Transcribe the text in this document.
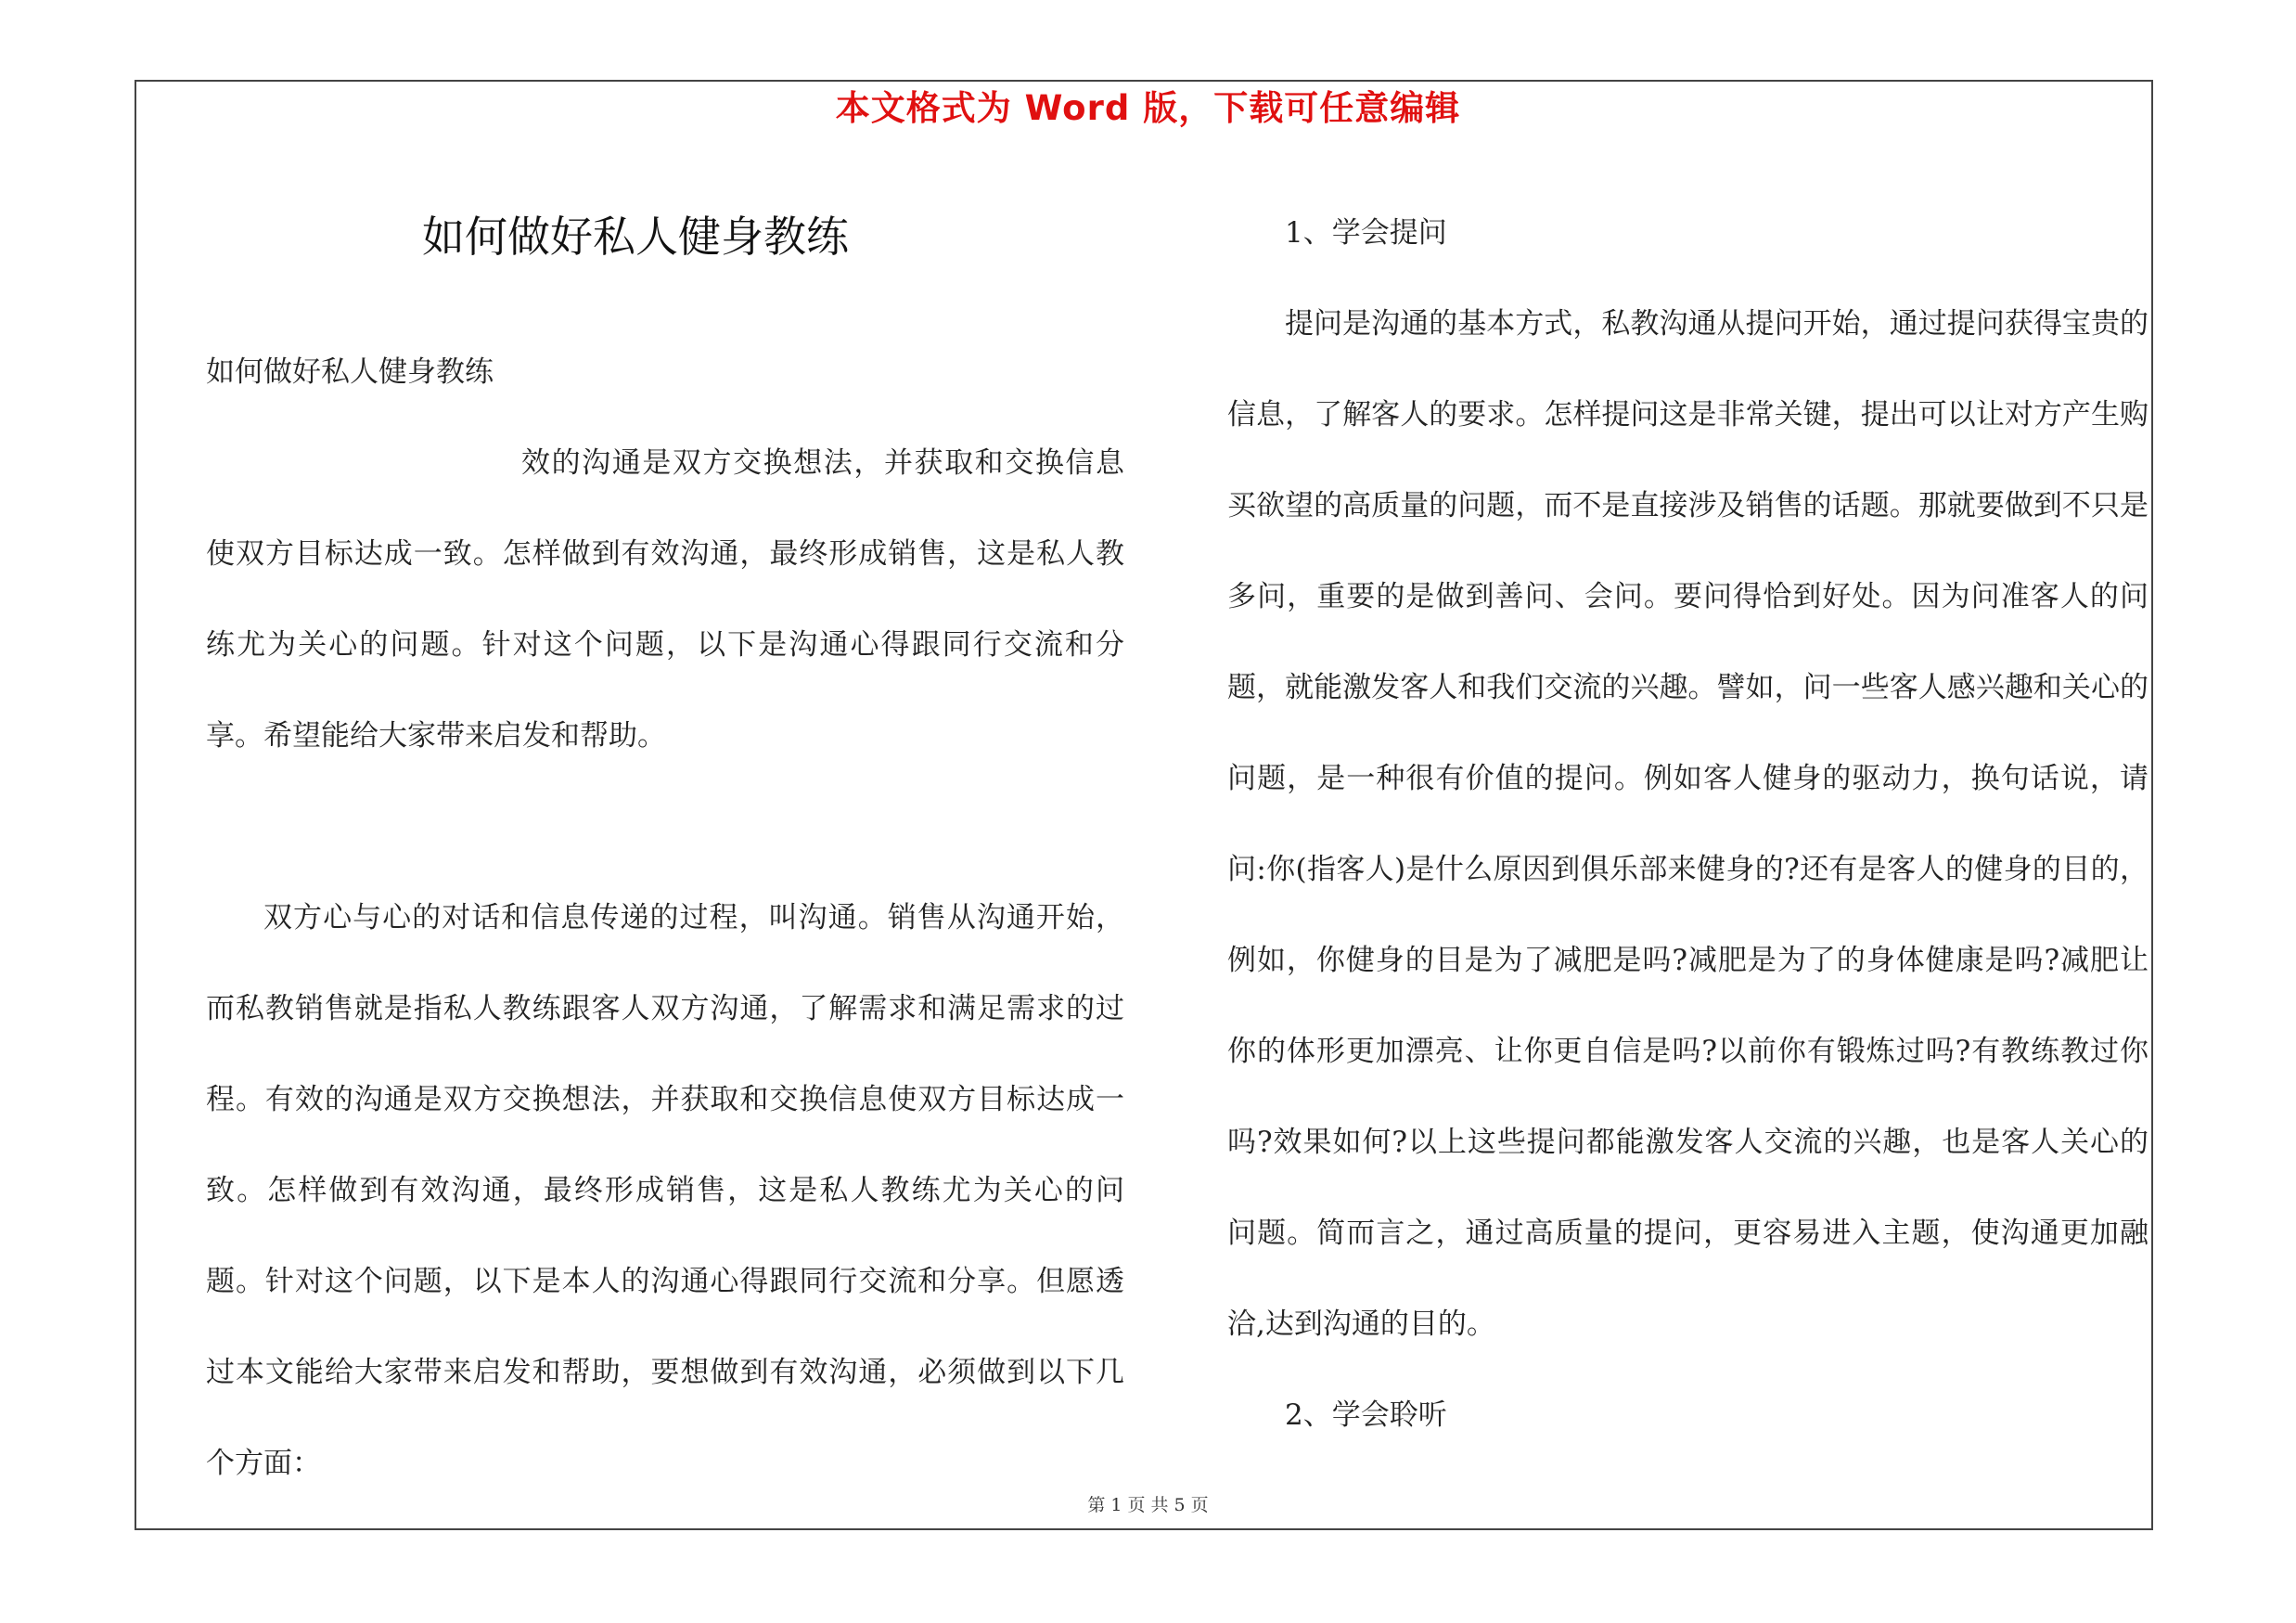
本文格式为 Word 版，下载可任意编辑
如何做好私人健身教练

如何做好私人健身教练

效的沟通是双方交换想法，并获取和交换信息使双方目标达成一致。怎样做到有效沟通，最终形成销售，这是私人教练尤为关心的问题。针对这个问题，以下是沟通心得跟同行交流和分享。希望能给大家带来启发和帮助。

双方心与心的对话和信息传递的过程，叫沟通。销售从沟通开始，而私教销售就是指私人教练跟客人双方沟通，了解需求和满足需求的过程。有效的沟通是双方交换想法，并获取和交换信息使双方目标达成一致。怎样做到有效沟通，最终形成销售，这是私人教练尤为关心的问题。针对这个问题，以下是本人的沟通心得跟同行交流和分享。但愿透过本文能给大家带来启发和帮助，要想做到有效沟通，必须做到以下几个方面：

1、学会提问

提问是沟通的基本方式，私教沟通从提问开始，通过提问获得宝贵的信息，了解客人的要求。怎样提问这是非常关键，提出可以让对方产生购买欲望的高质量的问题，而不是直接涉及销售的话题。那就要做到不只是多问，重要的是做到善问、会问。要问得恰到好处。因为问准客人的问题，就能激发客人和我们交流的兴趣。譬如，问一些客人感兴趣和关心的问题，是一种很有价值的提问。例如客人健身的驱动力，换句话说，请问:你(指客人)是什么原因到俱乐部来健身的?还有是客人的健身的目的，例如，你健身的目是为了减肥是吗?减肥是为了的身体健康是吗?减肥让你的体形更加漂亮、让你更自信是吗?以前你有锻炼过吗?有教练教过你吗?效果如何?以上这些提问都能激发客人交流的兴趣，也是客人关心的问题。简而言之，通过高质量的提问，更容易进入主题，使沟通更加融洽,达到沟通的目的。

2、学会聆听

第 1 页 共 5 页
